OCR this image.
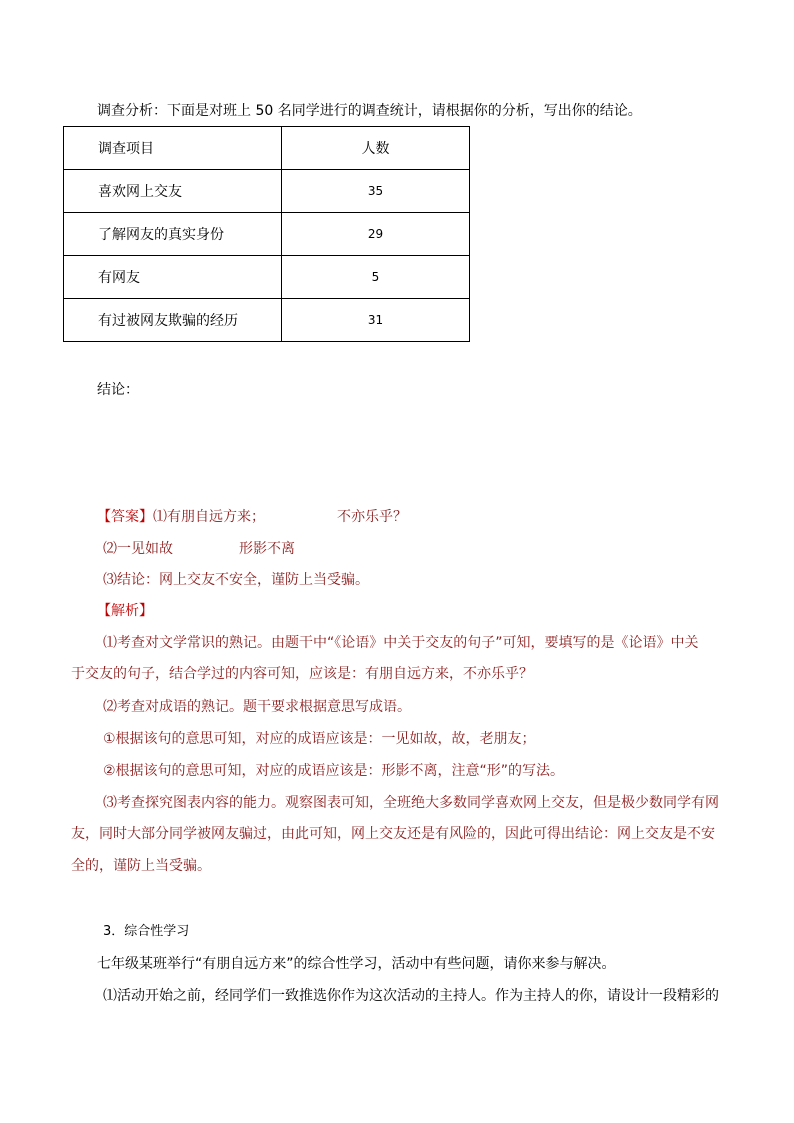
调查分析：下面是对班上 50 名同学进行的调查统计，请根据你的分析，写出你的结论。
调查项目	人数
喜欢网上交友	35
了解网友的真实身份	29
有网友	5
有过被网友欺骗的经历	31
结论：
【答案】⑴有朋自远方来；	不亦乐乎？
⑵一见如故	形影不离
⑶结论：网上交友不安全，谨防上当受骗。
【解析】
⑴考查对文学常识的熟记。由题干中“《论语》中关于交友的句子”可知，要填写的是《论语》中关
于交友的句子，结合学过的内容可知，应该是：有朋自远方来，不亦乐乎？
⑵考查对成语的熟记。题干要求根据意思写成语。
①根据该句的意思可知，对应的成语应该是：一见如故，故，老朋友；
②根据该句的意思可知，对应的成语应该是：形影不离，注意“形”的写法。
⑶考查探究图表内容的能力。观察图表可知，全班绝大多数同学喜欢网上交友，但是极少数同学有网
友，同时大部分同学被网友骗过，由此可知，网上交友还是有风险的，因此可得出结论：网上交友是不安
全的，谨防上当受骗。
3．综合性学习
七年级某班举行“有朋自远方来”的综合性学习，活动中有些问题，请你来参与解决。
⑴活动开始之前，经同学们一致推选你作为这次活动的主持人。作为主持人的你，请设计一段精彩的
